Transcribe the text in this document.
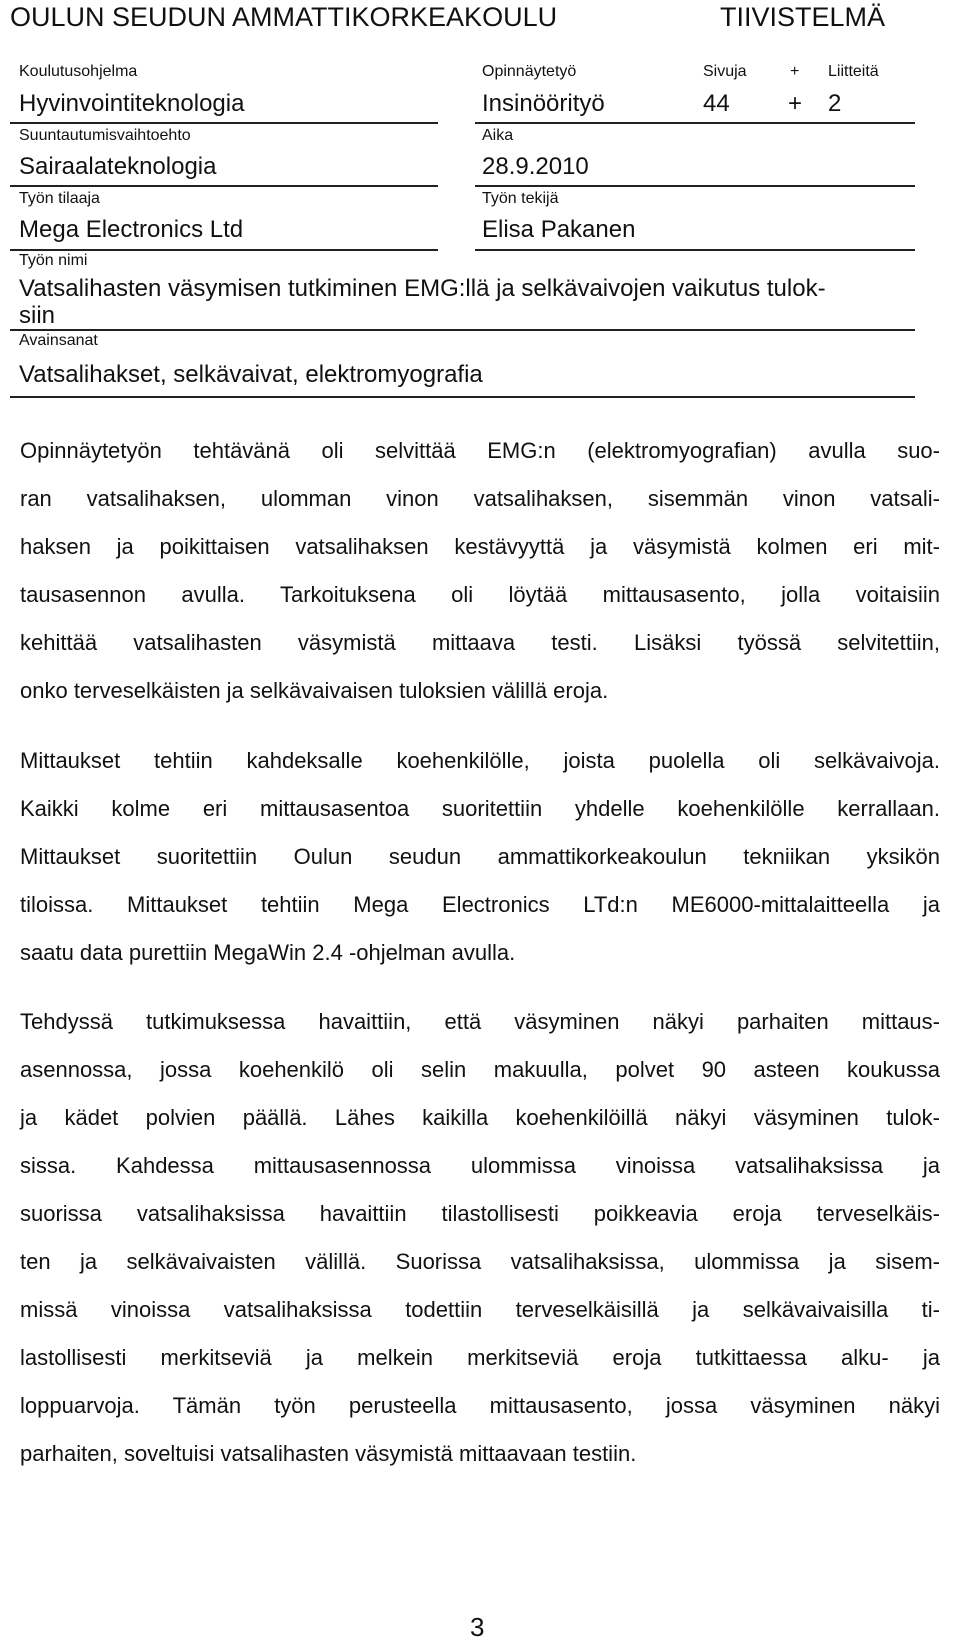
OULUN SEUDUN AMMATTIKORKEAKOULU	TIIVISTELMÄ
Koulutusohjelma	Opinnäytetyö	Sivuja	+ Liitteitä
Hyvinvointiteknologia	Insinöörityö	44 + 2
Suuntautumisvaihtoehto	Aika
Sairaalateknologia	28.9.2010
Työn tilaaja	Työn tekijä
Mega Electronics Ltd	Elisa Pakanen
Työn nimi
Vatsalihasten väsymisen tutkiminen EMG:llä ja selkävaivojen vaikutus tulok-
siin
Avainsanat
Vatsalihakset, selkävaivat, elektromyografia
Opinnäytetyön tehtävänä oli selvittää EMG:n (elektromyografian) avulla suo-
ran vatsalihaksen, ulomman vinon vatsalihaksen, sisemmän vinon vatsali-
haksen ja poikittaisen vatsalihaksen kestävyyttä ja väsymistä kolmen eri mit-
tausasennon avulla. Tarkoituksena oli löytää mittausasento, jolla voitaisiin
kehittää vatsalihasten väsymistä mittaava testi. Lisäksi työssä selvitettiin,
onko terveselkäisten ja selkävaivaisen tuloksien välillä eroja.
Mittaukset tehtiin kahdeksalle koehenkilölle, joista puolella oli selkävaivoja.
Kaikki kolme eri mittausasentoa suoritettiin yhdelle koehenkilölle kerrallaan.
Mittaukset suoritettiin Oulun seudun ammattikorkeakoulun tekniikan yksikön
tiloissa. Mittaukset tehtiin Mega Electronics LTd:n ME6000-mittalaitteella ja
saatu data purettiin MegaWin 2.4 -ohjelman avulla.
Tehdyssä tutkimuksessa havaittiin, että väsyminen näkyi parhaiten mittaus-
asennossa, jossa koehenkilö oli selin makuulla, polvet 90 asteen koukussa
ja kädet polvien päällä. Lähes kaikilla koehenkilöillä näkyi väsyminen tulok-
sissa. Kahdessa mittausasennossa ulommissa vinoissa vatsalihaksissa ja
suorissa vatsalihaksissa havaittiin tilastollisesti poikkeavia eroja terveselkäis-
ten ja selkävaivaisten välillä. Suorissa vatsalihaksissa, ulommissa ja sisem-
missä vinoissa vatsalihaksissa todettiin terveselkäisillä ja selkävaivaisilla ti-
lastollisesti merkitseviä ja melkein merkitseviä eroja tutkittaessa alku- ja
loppuarvoja. Tämän työn perusteella mittausasento, jossa väsyminen näkyi
parhaiten, soveltuisi vatsalihasten väsymistä mittaavaan testiin.
3
